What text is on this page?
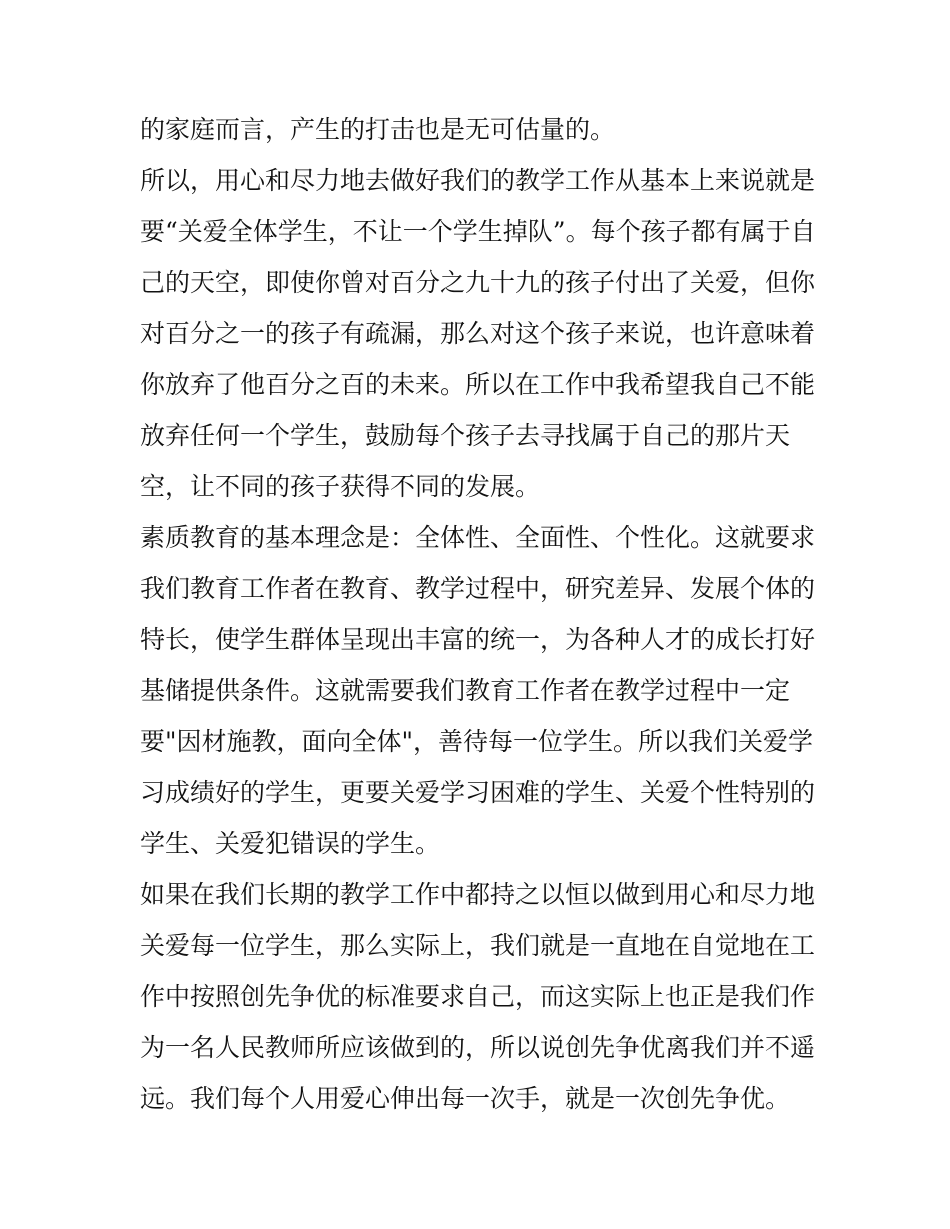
的家庭而言，产生的打击也是无可估量的。
所以，用心和尽力地去做好我们的教学工作从基本上来说就是
要“关爱全体学生，不让一个学生掉队”。每个孩子都有属于自
己的天空，即使你曾对百分之九十九的孩子付出了关爱，但你
对百分之一的孩子有疏漏，那么对这个孩子来说，也许意味着
你放弃了他百分之百的未来。所以在工作中我希望我自己不能
放弃任何一个学生，鼓励每个孩子去寻找属于自己的那片天
空，让不同的孩子获得不同的发展。
素质教育的基本理念是：全体性、全面性、个性化。这就要求
我们教育工作者在教育、教学过程中，研究差异、发展个体的
特长，使学生群体呈现出丰富的统一，为各种人才的成长打好
基储提供条件。这就需要我们教育工作者在教学过程中一定
要"因材施教，面向全体"，善待每一位学生。所以我们关爱学
习成绩好的学生，更要关爱学习困难的学生、关爱个性特别的
学生、关爱犯错误的学生。
如果在我们长期的教学工作中都持之以恒以做到用心和尽力地
关爱每一位学生，那么实际上，我们就是一直地在自觉地在工
作中按照创先争优的标准要求自己，而这实际上也正是我们作
为一名人民教师所应该做到的，所以说创先争优离我们并不遥
远。我们每个人用爱心伸出每一次手，就是一次创先争优。
